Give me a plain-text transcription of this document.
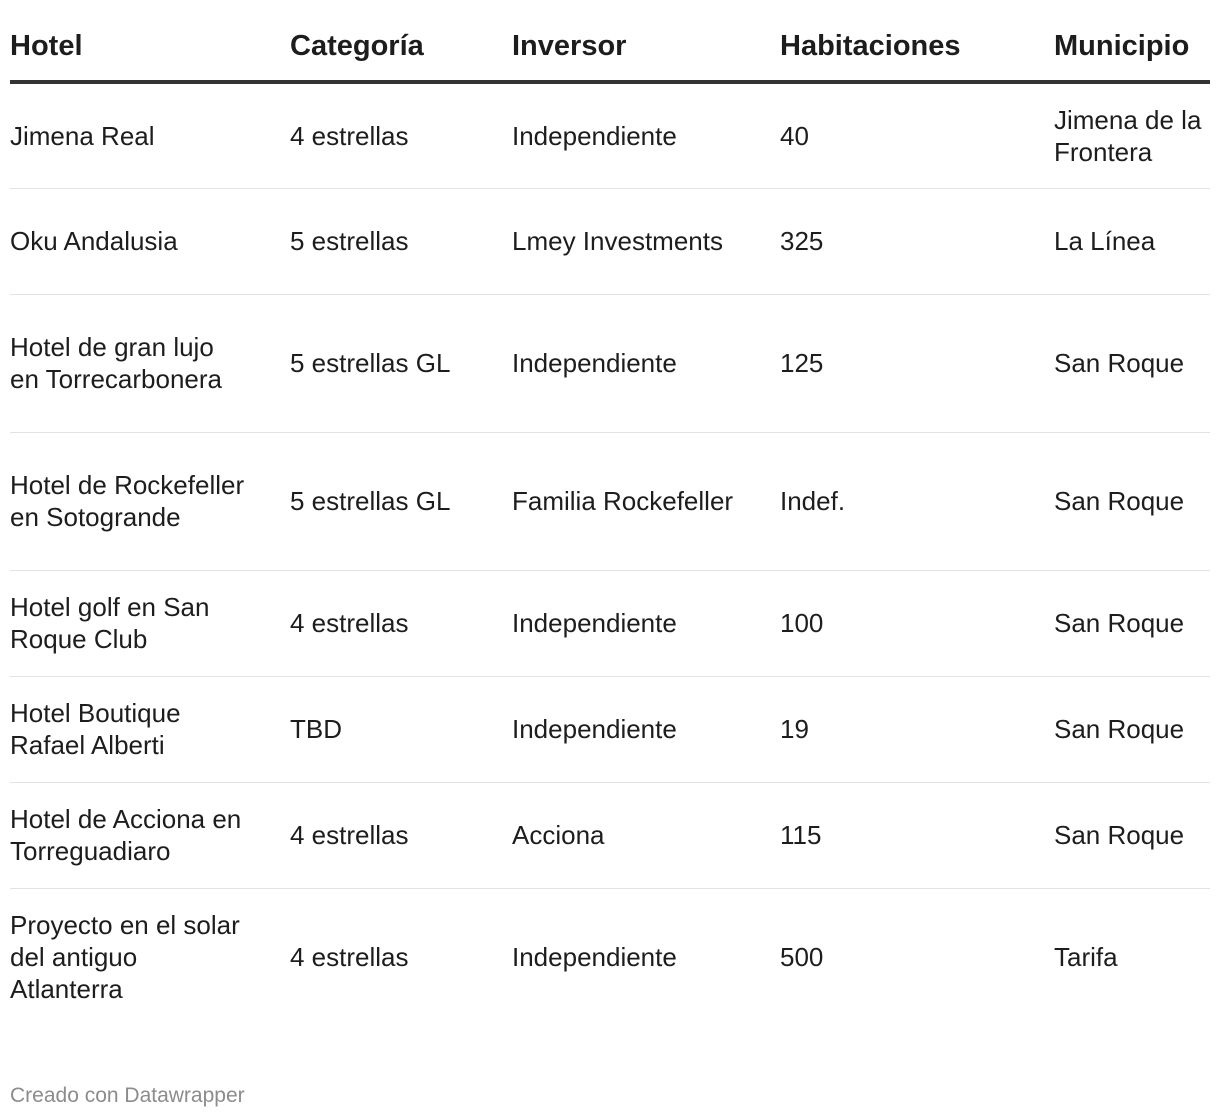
Hotel	Categoría	Inversor	Habitaciones	Municipio

Jimena Real	4 estrellas	Independiente	40	Jimena de la Frontera

Oku Andalusia	5 estrellas	Lmey Investments	325	La Línea

Hotel de gran lujo en Torrecarbonera	5 estrellas GL	Independiente	125	San Roque

Hotel de Rockefeller en Sotogrande	5 estrellas GL	Familia Rockefeller	Indef.	San Roque

Hotel golf en San Roque Club	4 estrellas	Independiente	100	San Roque

Hotel Boutique Rafael Alberti	TBD	Independiente	19	San Roque

Hotel de Acciona en Torreguadiaro	4 estrellas	Acciona	115	San Roque

Proyecto en el solar del antiguo Atlanterra	4 estrellas	Independiente	500	Tarifa
Creado con Datawrapper
